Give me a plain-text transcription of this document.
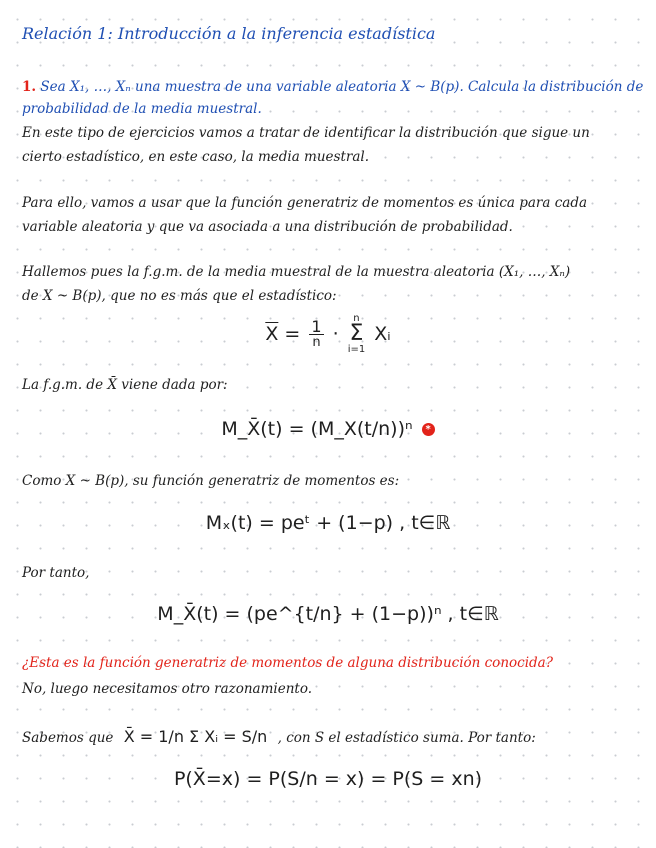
Relación 1: Introducción a la inferencia estadística
1. Sea X₁, …, Xₙ una muestra de una variable aleatoria X ~ B(p). Calcula la distribución de
probabilidad de la media muestral.
En este tipo de ejercicios vamos a tratar de identificar la distribución que sigue un
cierto estadístico, en este caso, la media muestral.
Para ello, vamos a usar que la función generatriz de momentos es única para cada
variable aleatoria y que va asociada a una distribución de probabilidad.
Hallemos pues la f.g.m. de la media muestral de la muestra aleatoria (X₁, …, Xₙ)
de X ~ B(p), que no es más que el estadístico:
$\overline{X} = \frac{1}{n}$ ·
n
Σ
i=1
Xᵢ
La f.g.m. de X̄ viene dada por:
M_X̄(t) = (M_X(t/n))ⁿ *
Como X ~ B(p), su función generatriz de momentos es:
Mₓ(t) = peᵗ + (1−p) , t∈ℝ
Por tanto,
M_X̄(t) = (pe^{t/n} + (1−p))ⁿ , t∈ℝ
¿Esta es la función generatriz de momentos de alguna distribución conocida?
No, luego necesitamos otro razonamiento.
Sabemos que X̄ = 1/n Σ Xᵢ = S/n , con S el estadístico suma. Por tanto:
P(X̄=x) = P(S/n = x) = P(S = xn)
